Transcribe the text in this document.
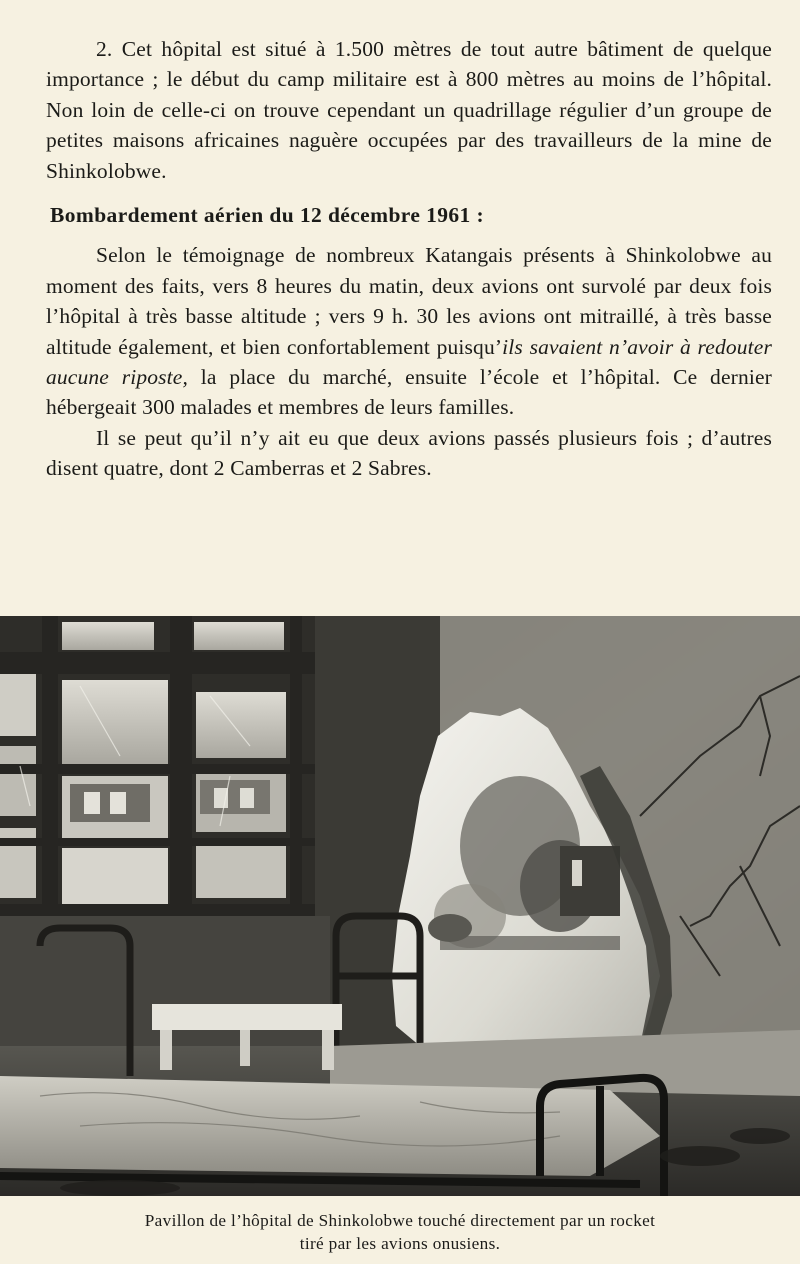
2. Cet hôpital est situé à 1.500 mètres de tout autre bâtiment de quelque importance ; le début du camp militaire est à 800 mètres au moins de l’hôpital. Non loin de celle-ci on trouve cependant un quadrillage régulier d’un groupe de petites maisons africaines naguère occupées par des travailleurs de la mine de Shinkolobwe.

Bombardement aérien du 12 décembre 1961 :

Selon le témoignage de nombreux Katangais présents à Shinkolobwe au moment des faits, vers 8 heures du matin, deux avions ont survolé par deux fois l’hôpital à très basse altitude ; vers 9 h. 30 les avions ont mitraillé, à très basse altitude également, et bien confortablement puisqu’ils savaient n’avoir à redouter aucune riposte, la place du marché, ensuite l’école et l’hôpital. Ce dernier hébergeait 300 malades et membres de leurs familles.

Il se peut qu’il n’y ait eu que deux avions passés plusieurs fois ; d’autres disent quatre, dont 2 Camberras et 2 Sabres.

Pavillon de l’hôpital de Shinkolobwe touché directement par un rocket
tiré par les avions onusiens.
